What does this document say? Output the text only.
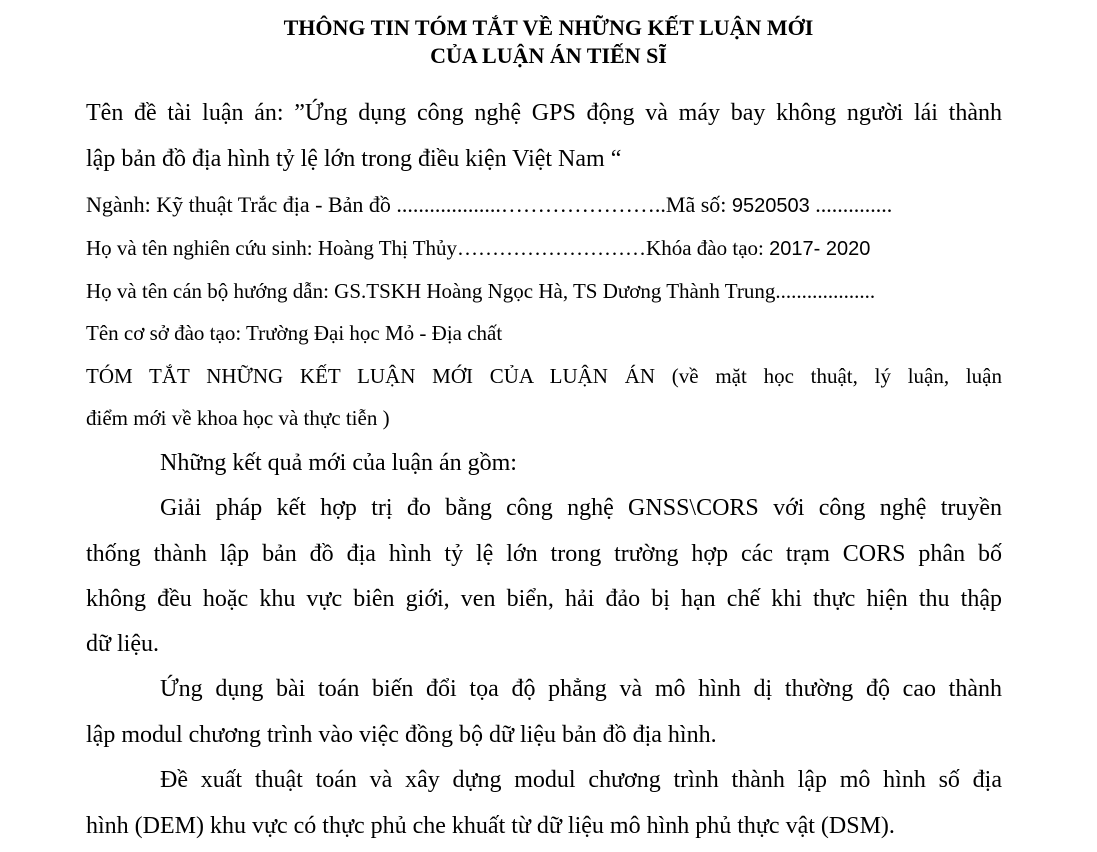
THÔNG TIN TÓM TẮT VỀ NHỮNG KẾT LUẬN MỚI
CỦA LUẬN ÁN TIẾN SĨ
Tên đề tài luận án: ”Ứng dụng công nghệ GPS động và máy bay không người lái thành
lập bản đồ địa hình tỷ lệ lớn trong điều kiện Việt Nam “
Ngành: Kỹ thuật Trắc địa - Bản đồ ...................…………………..Mã số: 9520503 ..............
Họ và tên nghiên cứu sinh: Hoàng Thị Thủy………………………Khóa đào tạo: 2017- 2020
Họ và tên cán bộ hướng dẫn: GS.TSKH Hoàng Ngọc Hà, TS Dương Thành Trung...................
Tên cơ sở đào tạo: Trường Đại học Mỏ - Địa chất
TÓM TẮT NHỮNG KẾT LUẬN MỚI CỦA LUẬN ÁN (về mặt học thuật, lý luận, luận
điểm mới về khoa học và thực tiễn )
Những kết quả mới của luận án gồm:
Giải pháp kết hợp trị đo bằng công nghệ GNSS\CORS với công nghệ truyền
thống thành lập bản đồ địa hình tỷ lệ lớn trong trường hợp các trạm CORS phân bố
không đều hoặc khu vực biên giới, ven biển, hải đảo bị hạn chế khi thực hiện thu thập
dữ liệu.
Ứng dụng bài toán biến đổi tọa độ phẳng và mô hình dị thường độ cao thành
lập modul chương trình vào việc đồng bộ dữ liệu bản đồ địa hình.
Đề xuất thuật toán và xây dựng modul chương trình thành lập mô hình số địa
hình (DEM) khu vực có thực phủ che khuất từ dữ liệu mô hình phủ thực vật (DSM).
